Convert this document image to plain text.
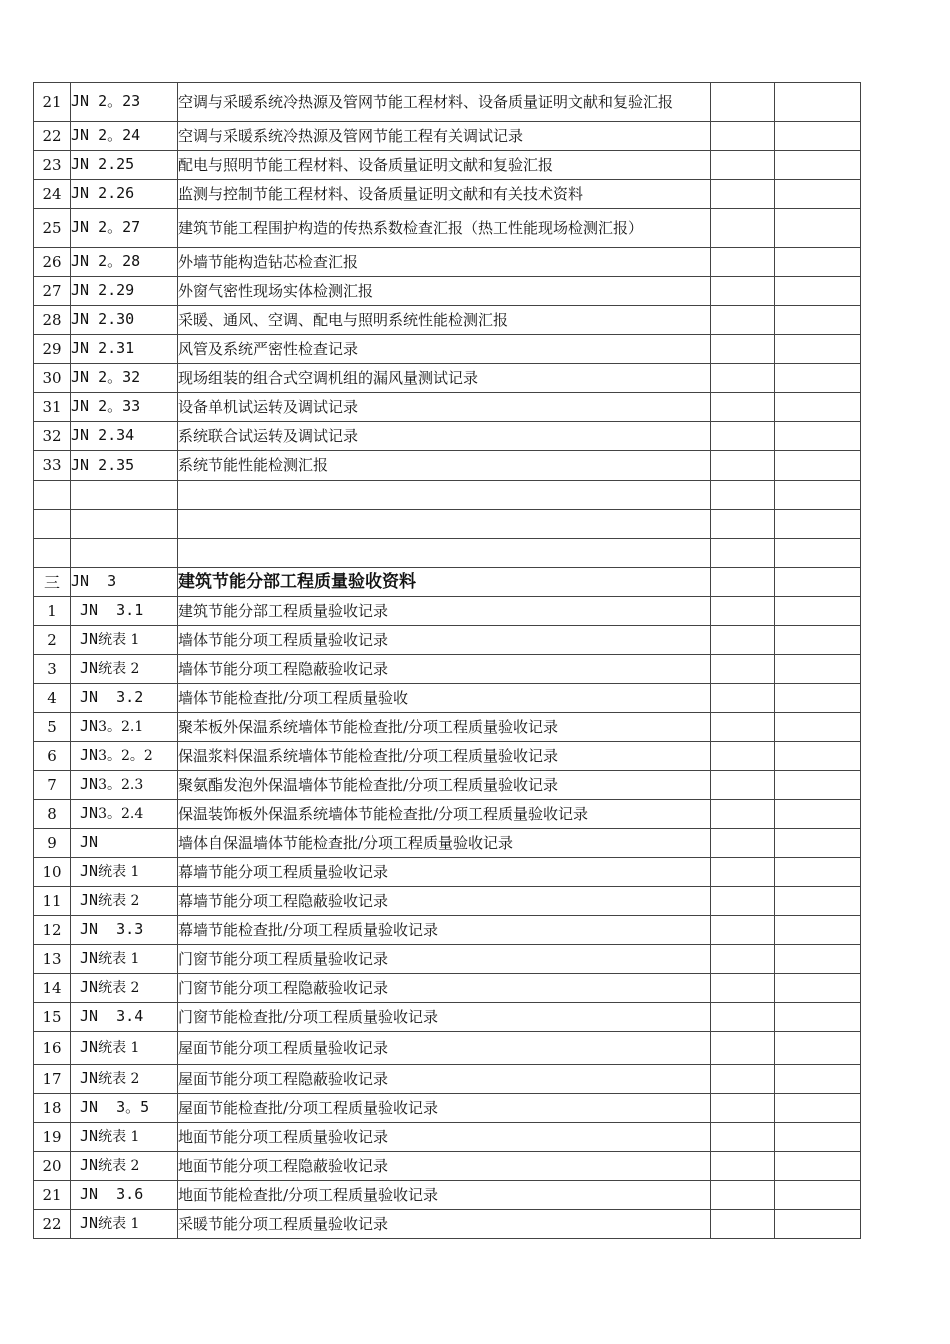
21	JN 2。23	空调与采暖系统冷热源及管网节能工程材料、设备质量证明文献和复验汇报		
22	JN 2。24	空调与采暖系统冷热源及管网节能工程有关调试记录		
23	JN 2.25	配电与照明节能工程材料、设备质量证明文献和复验汇报		
24	JN 2.26	监测与控制节能工程材料、设备质量证明文献和有关技术资料		
25	JN 2。27	建筑节能工程围护构造的传热系数检查汇报（热工性能现场检测汇报）		
26	JN 2。28	外墙节能构造钻芯检查汇报		
27	JN 2.29	外窗气密性现场实体检测汇报		
28	JN 2.30	采暖、通风、空调、配电与照明系统性能检测汇报		
29	JN 2.31	风管及系统严密性检查记录		
30	JN 2。32	现场组装的组合式空调机组的漏风量测试记录		
31	JN 2。33	设备单机试运转及调试记录		
32	JN 2.34	系统联合试运转及调试记录		
33	JN 2.35	系统节能性能检测汇报		

三	JN  3	建筑节能分部工程质量验收资料		
1	JN  3.1	建筑节能分部工程质量验收记录		
2	JN统表 1	墙体节能分项工程质量验收记录		
3	JN统表 2	墙体节能分项工程隐蔽验收记录		
4	JN  3.2	墙体节能检查批/分项工程质量验收		
5	JN3。2.1	聚苯板外保温系统墙体节能检查批/分项工程质量验收记录		
6	JN3。2。2	保温浆料保温系统墙体节能检查批/分项工程质量验收记录		
7	JN3。2.3	聚氨酯发泡外保温墙体节能检查批/分项工程质量验收记录		
8	JN3。2.4	保温装饰板外保温系统墙体节能检查批/分项工程质量验收记录		
9	JN	墙体自保温墙体节能检查批/分项工程质量验收记录		
10	JN统表 1	幕墙节能分项工程质量验收记录		
11	JN统表 2	幕墙节能分项工程隐蔽验收记录		
12	JN  3.3	幕墙节能检查批/分项工程质量验收记录		
13	JN统表 1	门窗节能分项工程质量验收记录		
14	JN统表 2	门窗节能分项工程隐蔽验收记录		
15	JN  3.4	门窗节能检查批/分项工程质量验收记录		
16	JN统表 1	屋面节能分项工程质量验收记录		
17	JN统表 2	屋面节能分项工程隐蔽验收记录		
18	JN  3。5	屋面节能检查批/分项工程质量验收记录		
19	JN统表 1	地面节能分项工程质量验收记录		
20	JN统表 2	地面节能分项工程隐蔽验收记录		
21	JN  3.6	地面节能检查批/分项工程质量验收记录		
22	JN统表 1	采暖节能分项工程质量验收记录		
